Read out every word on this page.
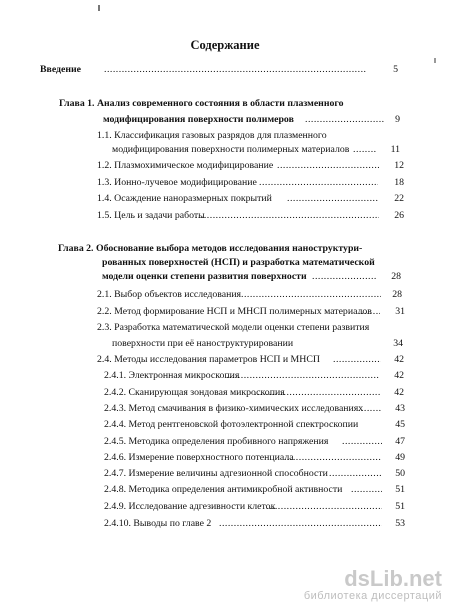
Содержание
Введение .....	5
Глава 1. Анализ современного состояния в области плазменного
модифицирования поверхности полимеров .....	9
1.1. Классификация газовых разрядов для плазменного
модифицирования поверхности полимерных материалов .....	11
1.2. Плазмохимическое модифицирование .....	12
1.3. Ионно-лучевое модифицирование .....	18
1.4. Осаждение наноразмерных покрытий .....	22
1.5. Цель и задачи работы .....	26
Глава 2. Обоснование выбора методов исследования наноструктури-
рованных поверхностей (НСП) и разработка математической
модели оценки степени развития поверхности .....	28
2.1. Выбор объектов исследования .....	28
2.2. Метод формирование НСП и МНСП полимерных материалов .....	31
2.3. Разработка математической модели оценки степени развития
поверхности при её наноструктурировании	34
2.4. Методы исследования параметров НСП и МНСП .....	42
2.4.1. Электронная микроскопия .....	42
2.4.2. Сканирующая зондовая микроскопия .....	42
2.4.3. Метод смачивания в физико-химических исследованиях .....	43
2.4.4. Метод рентгеновской фотоэлектронной спектроскопии	45
2.4.5. Методика определения пробивного напряжения .....	47
2.4.6. Измерение поверхностного потенциала .....	49
2.4.7. Измерение величины адгезионной способности .....	50
2.4.8. Методика определения антимикробной активности .....	51
2.4.9. Исследование адгезивности клеток .....	51
2.4.10. Выводы по главе 2 .....	53
dsLib.net
библиотека диссертаций
